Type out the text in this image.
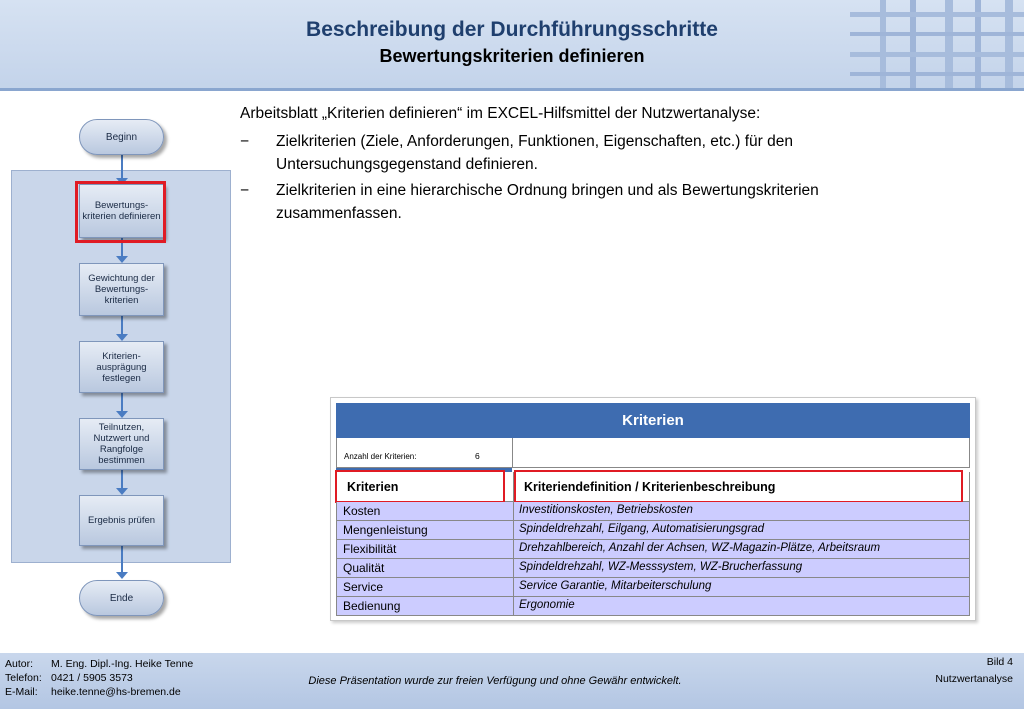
Beschreibung der Durchführungsschritte
Bewertungskriterien definieren
Beginn
Bewertungs- kriterien definieren
Gewichtung der Bewertungs- kriterien
Kriterien- ausprägung festlegen
Teilnutzen, Nutzwert und Rangfolge bestimmen
Ergebnis prüfen
Ende
Arbeitsblatt „Kriterien definieren“ im EXCEL-Hilfsmittel der Nutzwertanalyse:
− Zielkriterien (Ziele, Anforderungen, Funktionen, Eigenschaften, etc.) für den Untersuchungsgegenstand definieren.
− Zielkriterien in eine hierarchische Ordnung bringen und als Bewertungskriterien zusammenfassen.
Kriterien
Anzahl der Kriterien:	6
Kriterien	Kriteriendefinition / Kriterienbeschreibung
Kosten	Investitionskosten, Betriebskosten
Mengenleistung	Spindeldrehzahl, Eilgang, Automatisierungsgrad
Flexibilität	Drehzahlbereich, Anzahl der Achsen, WZ-Magazin-Plätze, Arbeitsraum
Qualität	Spindeldrehzahl, WZ-Messsystem, WZ-Brucherfassung
Service	Service Garantie, Mitarbeiterschulung
Bedienung	Ergonomie
Autor: M. Eng. Dipl.-Ing. Heike Tenne
Telefon: 0421 / 5905 3573
E-Mail: heike.tenne@hs-bremen.de
Diese Präsentation wurde zur freien Verfügung und ohne Gewähr entwickelt.
Bild 4
Nutzwertanalyse
